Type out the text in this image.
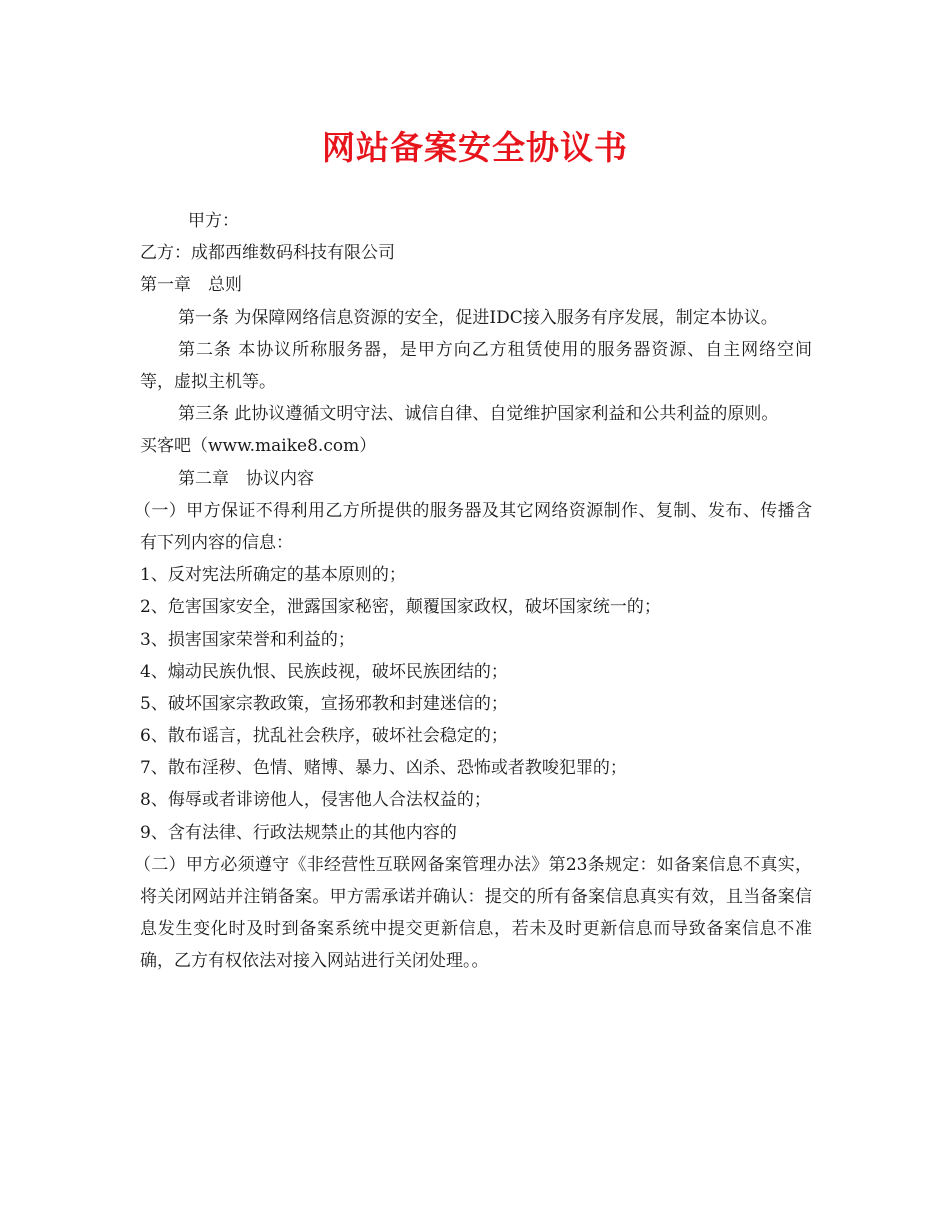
网站备案安全协议书
甲方：
乙方：成都西维数码科技有限公司
第一章　总则
第一条 为保障网络信息资源的安全，促进IDC接入服务有序发展，制定本协议。
第二条 本协议所称服务器，是甲方向乙方租赁使用的服务器资源、自主网络空间等，虚拟主机等。
第三条 此协议遵循文明守法、诚信自律、自觉维护国家利益和公共利益的原则。
买客吧（www.maike8.com）
第二章　协议内容
（一）甲方保证不得利用乙方所提供的服务器及其它网络资源制作、复制、发布、传播含有下列内容的信息：
1、反对宪法所确定的基本原则的；
2、危害国家安全，泄露国家秘密，颠覆国家政权，破坏国家统一的；
3、损害国家荣誉和利益的；
4、煽动民族仇恨、民族歧视，破坏民族团结的；
5、破坏国家宗教政策，宣扬邪教和封建迷信的；
6、散布谣言，扰乱社会秩序，破坏社会稳定的；
7、散布淫秽、色情、赌博、暴力、凶杀、恐怖或者教唆犯罪的；
8、侮辱或者诽谤他人，侵害他人合法权益的；
9、含有法律、行政法规禁止的其他内容的
（二）甲方必须遵守《非经营性互联网备案管理办法》第23条规定：如备案信息不真实，将关闭网站并注销备案。甲方需承诺并确认：提交的所有备案信息真实有效，且当备案信息发生变化时及时到备案系统中提交更新信息，若未及时更新信息而导致备案信息不准确，乙方有权依法对接入网站进行关闭处理。。
